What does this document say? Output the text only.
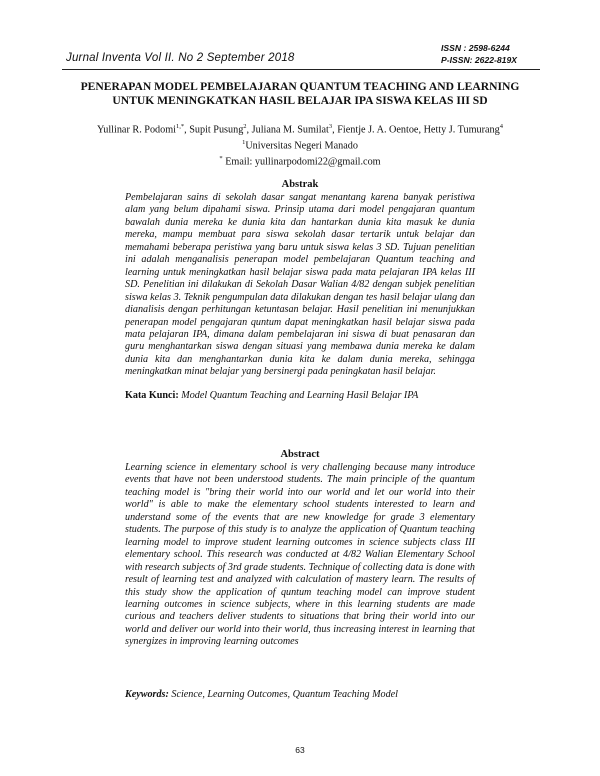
Jurnal Inventa Vol II. No 2 September 2018
ISSN : 2598-6244
P-ISSN: 2622-819X
PENERAPAN MODEL PEMBELAJARAN QUANTUM TEACHING AND LEARNING UNTUK MENINGKATKAN HASIL BELAJAR IPA SISWA KELAS III SD
Yullinar R. Podomi$^{1,*}$, Supit Pusung$^2$, Juliana M. Sumilat$^3$, Fientje J. A. Oentoe, Hetty J. Tumurang$^4$
$^1$Universitas Negeri Manado
* Email: yullinarpodomi22@gmail.com
Abstrak
Pembelajaran sains di sekolah dasar sangat menantang karena banyak peristiwa alam yang belum dipahami siswa. Prinsip utama dari model pengajaran quantum bawalah dunia mereka ke dunia kita dan hantarkan dunia kita masuk ke dunia mereka, mampu membuat para siswa sekolah dasar tertarik untuk belajar dan memahami beberapa peristiwa yang baru untuk siswa kelas 3 SD. Tujuan penelitian ini adalah menganalisis penerapan model pembelajaran Quantum teaching and learning untuk meningkatkan hasil belajar siswa pada mata pelajaran IPA kelas III SD. Penelitian ini dilakukan di Sekolah Dasar Walian 4/82 dengan subjek penelitian siswa kelas 3. Teknik pengumpulan data dilakukan dengan tes hasil belajar ulang dan dianalisis dengan perhitungan ketuntasan belajar. Hasil penelitian ini menunjukkan penerapan model pengajaran quntum dapat meningkatkan hasil belajar siswa pada mata pelajaran IPA, dimana dalam pembelajaran ini siswa di buat penasaran dan guru menghantarkan siswa dengan situasi yang membawa dunia mereka ke dalam dunia kita dan menghantarkan dunia kita ke dalam dunia mereka, sehingga meningkatkan minat belajar yang bersinergi pada peningkatan hasil belajar.
Kata Kunci: Model Quantum Teaching and Learning Hasil Belajar IPA
Abstract
Learning science in elementary school is very challenging because many introduce events that have not been understood students. The main principle of the quantum teaching model is "bring their world into our world and let our world into their world" is able to make the elementary school students interested to learn and understand some of the events that are new knowledge for grade 3 elementary students. The purpose of this study is to analyze the application of Quantum teaching learning model to improve student learning outcomes in science subjects class III elementary school. This research was conducted at 4/82 Walian Elementary School with research subjects of 3rd grade students. Technique of collecting data is done with result of learning test and analyzed with calculation of mastery learn. The results of this study show the application of quntum teaching model can improve student learning outcomes in science subjects, where in this learning students are made curious and teachers deliver students to situations that bring their world into our world and deliver our world into their world, thus increasing interest in learning that synergizes in improving learning outcomes
Keywords: Science, Learning Outcomes, Quantum Teaching Model
63
